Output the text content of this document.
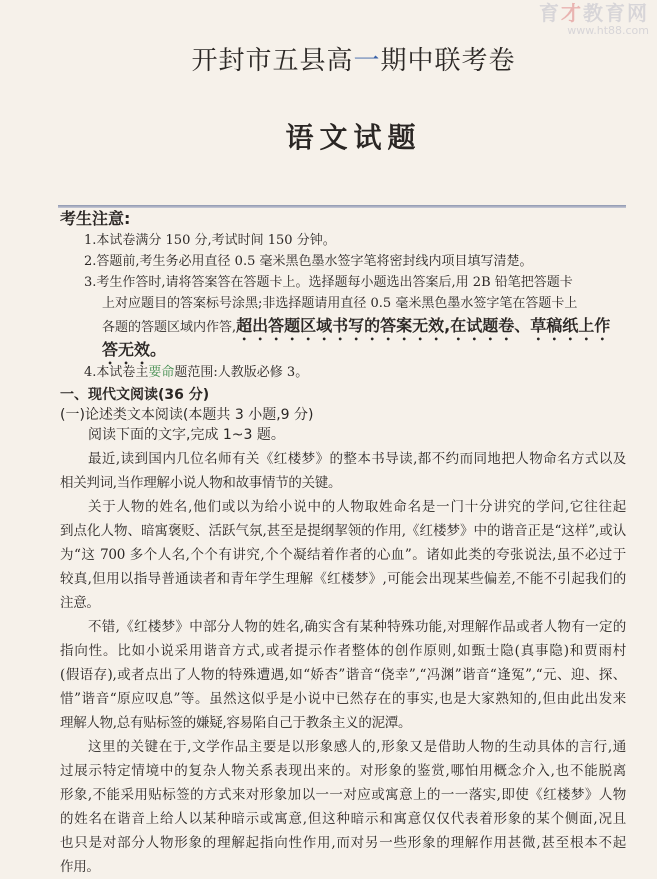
育才教育网
www.ht88.com
开封市五县高一期中联考卷
语文试题
考生注意:
1.本试卷满分 150 分,考试时间 150 分钟。
2.答题前,考生务必用直径 0.5 毫米黑色墨水签字笔将密封线内项目填写清楚。
3.考生作答时,请将答案答在答题卡上。选择题每小题选出答案后,用 2B 铅笔把答题卡
上对应题目的答案标号涂黑;非选择题请用直径 0.5 毫米黑色墨水签字笔在答题卡上
各题的答题区域内作答,超出答题区域书写的答案无效,在试题卷、草稿纸上作
答无效。
4.本试卷主要命题范围:人教版必修 3。
一、现代文阅读(36 分)
(一)论述类文本阅读(本题共 3 小题,9 分)
阅读下面的文字,完成 1~3 题。
最近,读到国内几位名师有关《红楼梦》的整本书导读,都不约而同地把人物命名方式以及
相关判词,当作理解小说人物和故事情节的关键。
关于人物的姓名,他们或以为给小说中的人物取姓命名是一门十分讲究的学问,它往往起
到点化人物、暗寓褒贬、活跃气氛,甚至是提纲挈领的作用,《红楼梦》中的谐音正是“这样”,或认
为“这 700 多个人名,个个有讲究,个个凝结着作者的心血”。诸如此类的夸张说法,虽不必过于
较真,但用以指导普通读者和青年学生理解《红楼梦》,可能会出现某些偏差,不能不引起我们的
注意。
不错,《红楼梦》中部分人物的姓名,确实含有某种特殊功能,对理解作品或者人物有一定的
指向性。比如小说采用谐音方式,或者提示作者整体的创作原则,如甄士隐(真事隐)和贾雨村
(假语存),或者点出了人物的特殊遭遇,如“娇杏”谐音“侥幸”,“冯渊”谐音“逢冤”,“元、迎、探、
惜”谐音“原应叹息”等。虽然这似乎是小说中已然存在的事实,也是大家熟知的,但由此出发来
理解人物,总有贴标签的嫌疑,容易陷自己于教条主义的泥潭。
这里的关键在于,文学作品主要是以形象感人的,形象又是借助人物的生动具体的言行,通
过展示特定情境中的复杂人物关系表现出来的。对形象的鉴赏,哪怕用概念介入,也不能脱离
形象,不能采用贴标签的方式来对形象加以一一对应或寓意上的一一落实,即使《红楼梦》人物
的姓名在谐音上给人以某种暗示或寓意,但这种暗示和寓意仅仅代表着形象的某个侧面,况且
也只是对部分人物形象的理解起指向性作用,而对另一些形象的理解作用甚微,甚至根本不起
作用。
